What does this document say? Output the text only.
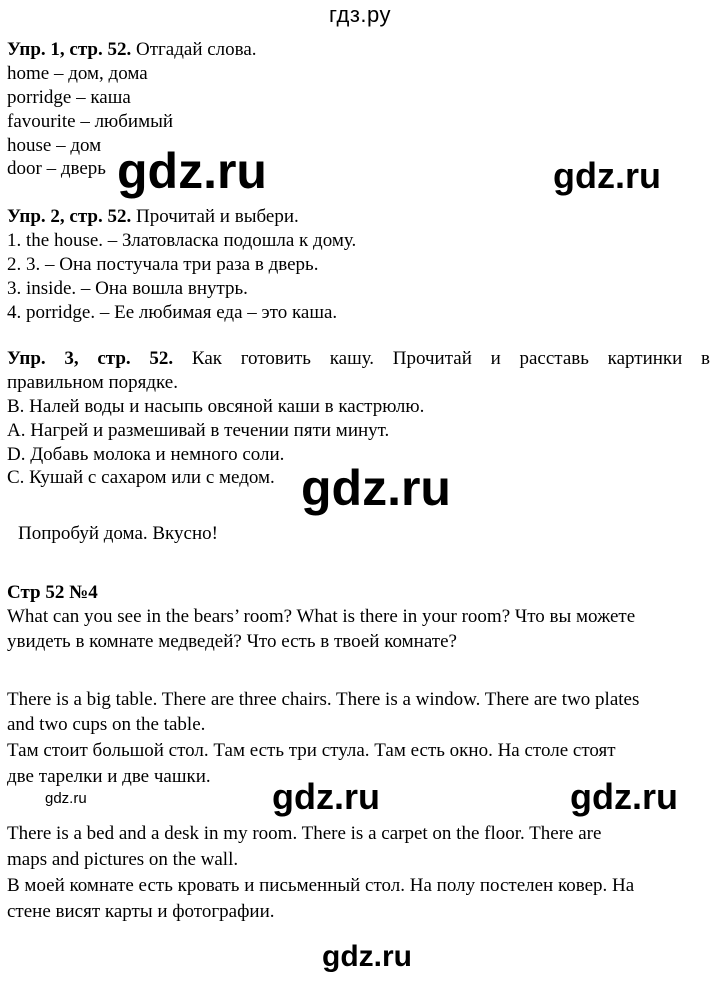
гдз.ру
Упр. 1, стр. 52. Отгадай слова.
home – дом, дома
porridge – каша
favourite – любимый
house – дом
door – дверь
Упр. 2, стр. 52. Прочитай и выбери.
1. the house. – Златовласка подошла к дому.
2. 3. – Она постучала три раза в дверь.
3. inside. – Она вошла внутрь.
4. porridge. – Ее любимая еда – это каша.
Упр. 3, стр. 52. Как готовить кашу. Прочитай и расставь картинки в
правильном порядке.
B. Налей воды и насыпь овсяной каши в кастрюлю.
A. Нагрей и размешивай в течении пяти минут.
D. Добавь молока и немного соли.
C. Кушай с сахаром или с медом.
Попробуй дома. Вкусно!
Стр 52 №4
What can you see in the bears’ room? What is there in your room? Что вы можете
увидеть в комнате медведей? Что есть в твоей комнате?
There is a big table. There are three chairs. There is a window. There are two plates
and two cups on the table.
Там стоит большой стол. Там есть три стула. Там есть окно. На столе стоят
две тарелки и две чашки.
There is a bed and a desk in my room. There is a carpet on the floor. There are
maps and pictures on the wall.
В моей комнате есть кровать и письменный стол. На полу постелен ковер. На
стене висят карты и фотографии.
gdz.ru	gdz.ru
gdz.ru
gdz.ru	gdz.ru	gdz.ru
gdz.ru
